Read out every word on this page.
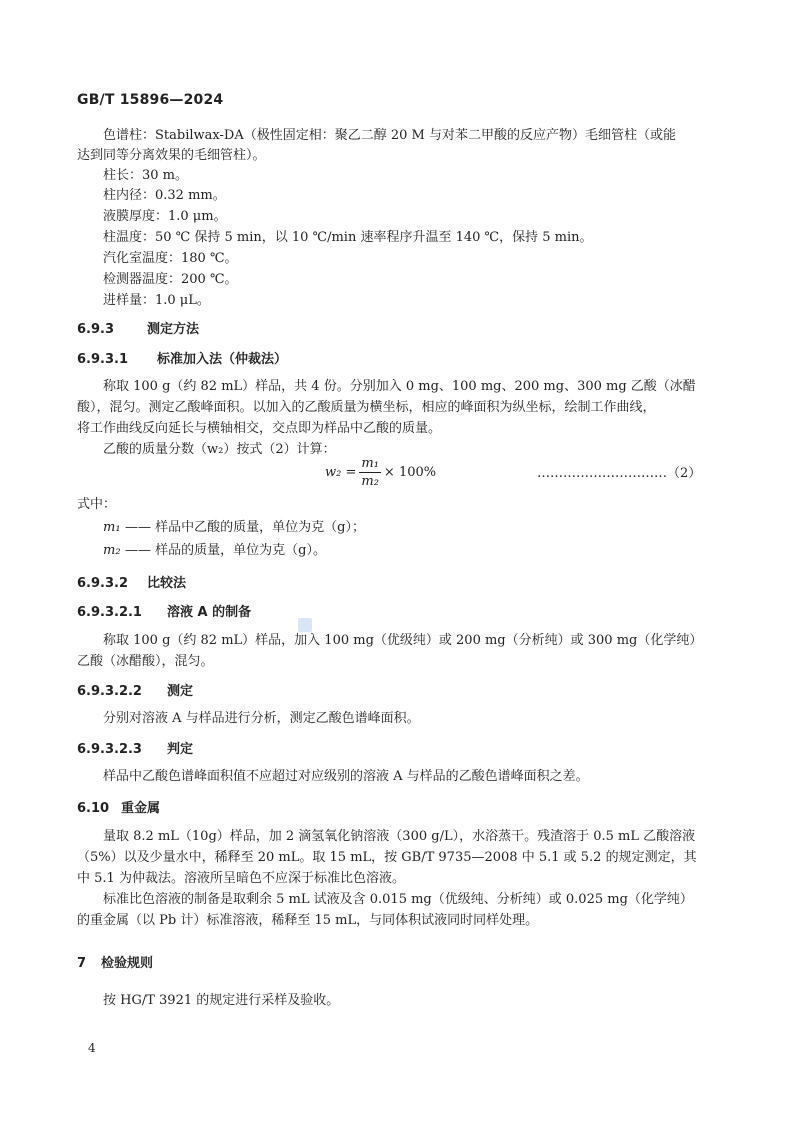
GB/T 15896—2024
色谱柱：Stabilwax-DA（极性固定相：聚乙二醇 20 M 与对苯二甲酸的反应产物）毛细管柱（或能
达到同等分离效果的毛细管柱）。
柱长：30 m。
柱内径：0.32 mm。
液膜厚度：1.0 μm。
柱温度：50 ℃ 保持 5 min，以 10 ℃/min 速率程序升温至 140 ℃，保持 5 min。
汽化室温度：180 ℃。
检测器温度：200 ℃。
进样量：1.0 μL。
6.9.3	测定方法
6.9.3.1 标准加入法（仲裁法）
称取 100 g（约 82 mL）样品，共 4 份。分别加入 0 mg、100 mg、200 mg、300 mg 乙酸（冰醋
酸），混匀。测定乙酸峰面积。以加入的乙酸质量为横坐标，相应的峰面积为纵坐标，绘制工作曲线，
将工作曲线反向延长与横轴相交，交点即为样品中乙酸的质量。
乙酸的质量分数（w₂）按式（2）计算：
$w_2 = \frac{\text{m₁}}{\text{m₂}} \times 100\%$	…………………………（2）
式中：
m₁ —— 样品中乙酸的质量，单位为克（g）；
m₂ —— 样品的质量，单位为克（g）。
6.9.3.2 比较法
6.9.3.2.1 溶液 A 的制备
称取 100 g（约 82 mL）样品，加入 100 mg（优级纯）或 200 mg（分析纯）或 300 mg（化学纯）
乙酸（冰醋酸），混匀。
6.9.3.2.2 测定
分别对溶液 A 与样品进行分析，测定乙酸色谱峰面积。
6.9.3.2.3 判定
样品中乙酸色谱峰面积值不应超过对应级别的溶液 A 与样品的乙酸色谱峰面积之差。
6.10 重金属
量取 8.2 mL（10g）样品，加 2 滴氢氧化钠溶液（300 g/L），水浴蒸干。残渣溶于 0.5 mL 乙酸溶液
（5%）以及少量水中，稀释至 20 mL。取 15 mL，按 GB/T 9735—2008 中 5.1 或 5.2 的规定测定，其
中 5.1 为仲裁法。溶液所呈暗色不应深于标准比色溶液。
标准比色溶液的制备是取剩余 5 mL 试液及含 0.015 mg（优级纯、分析纯）或 0.025 mg（化学纯）
的重金属（以 Pb 计）标准溶液，稀释至 15 mL，与同体积试液同时同样处理。
7 检验规则
按 HG/T 3921 的规定进行采样及验收。
4
